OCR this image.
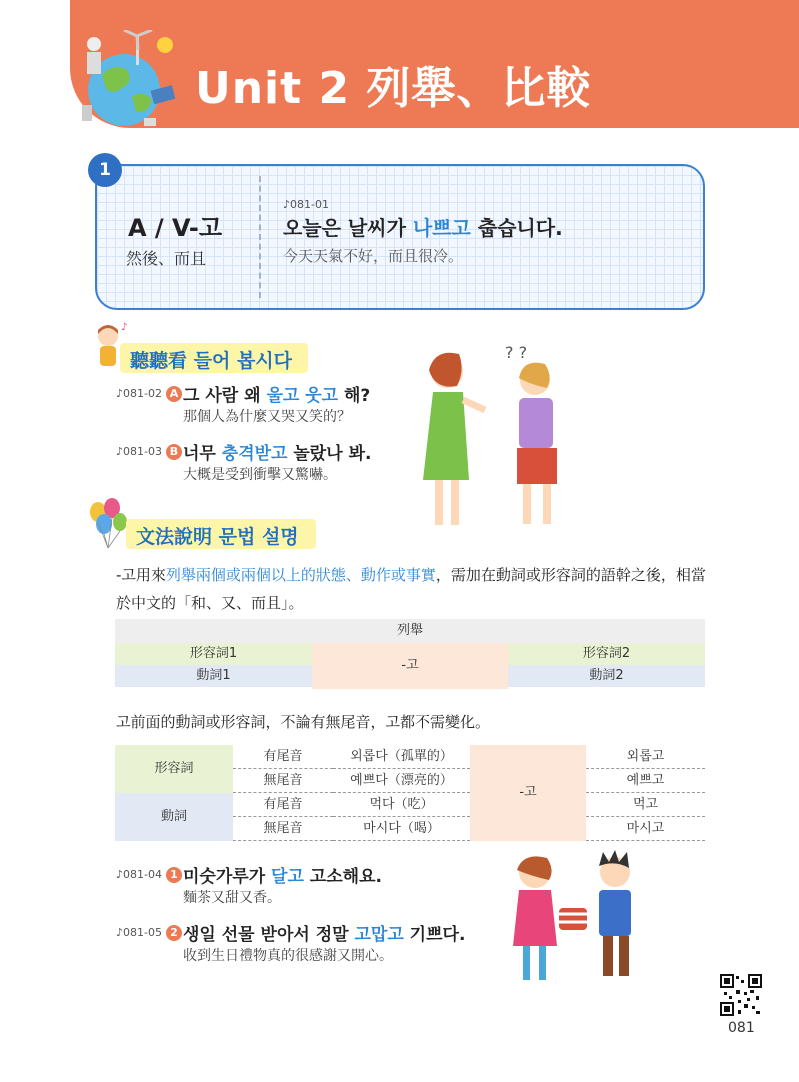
Unit 2 列舉、比較
1
A / V-고
然後、而且
♪081-01
오늘은 날씨가 나쁘고 춥습니다.
今天天氣不好，而且很冷。
♪
聽聽看 들어 봅시다
♪081-02 A 그 사람 왜 울고 웃고 해?
那個人為什麼又哭又笑的？
♪081-03 B 너무 충격받고 놀랐나 봐.
大概是受到衝擊又驚嚇。
? ?
文法說明 문법 설명
-고用來列舉兩個或兩個以上的狀態、動作或事實，需加在動詞或形容詞的語幹之後，相當於中文的「和、又、而且」。
列舉
形容詞1	形容詞2
動詞1	動詞2
-고
고前面的動詞或形容詞，不論有無尾音，고都不需變化。
形容詞
動詞
有尾音	외롭다（孤單的）	외롭고
無尾音	예쁘다（漂亮的）	예쁘고
有尾音	먹다（吃）	먹고
無尾音	마시다（喝）	마시고
-고
♪081-04 1 미숫가루가 달고 고소해요.
麵茶又甜又香。
♪081-05 2 생일 선물 받아서 정말 고맙고 기쁘다.
收到生日禮物真的很感謝又開心。
081
